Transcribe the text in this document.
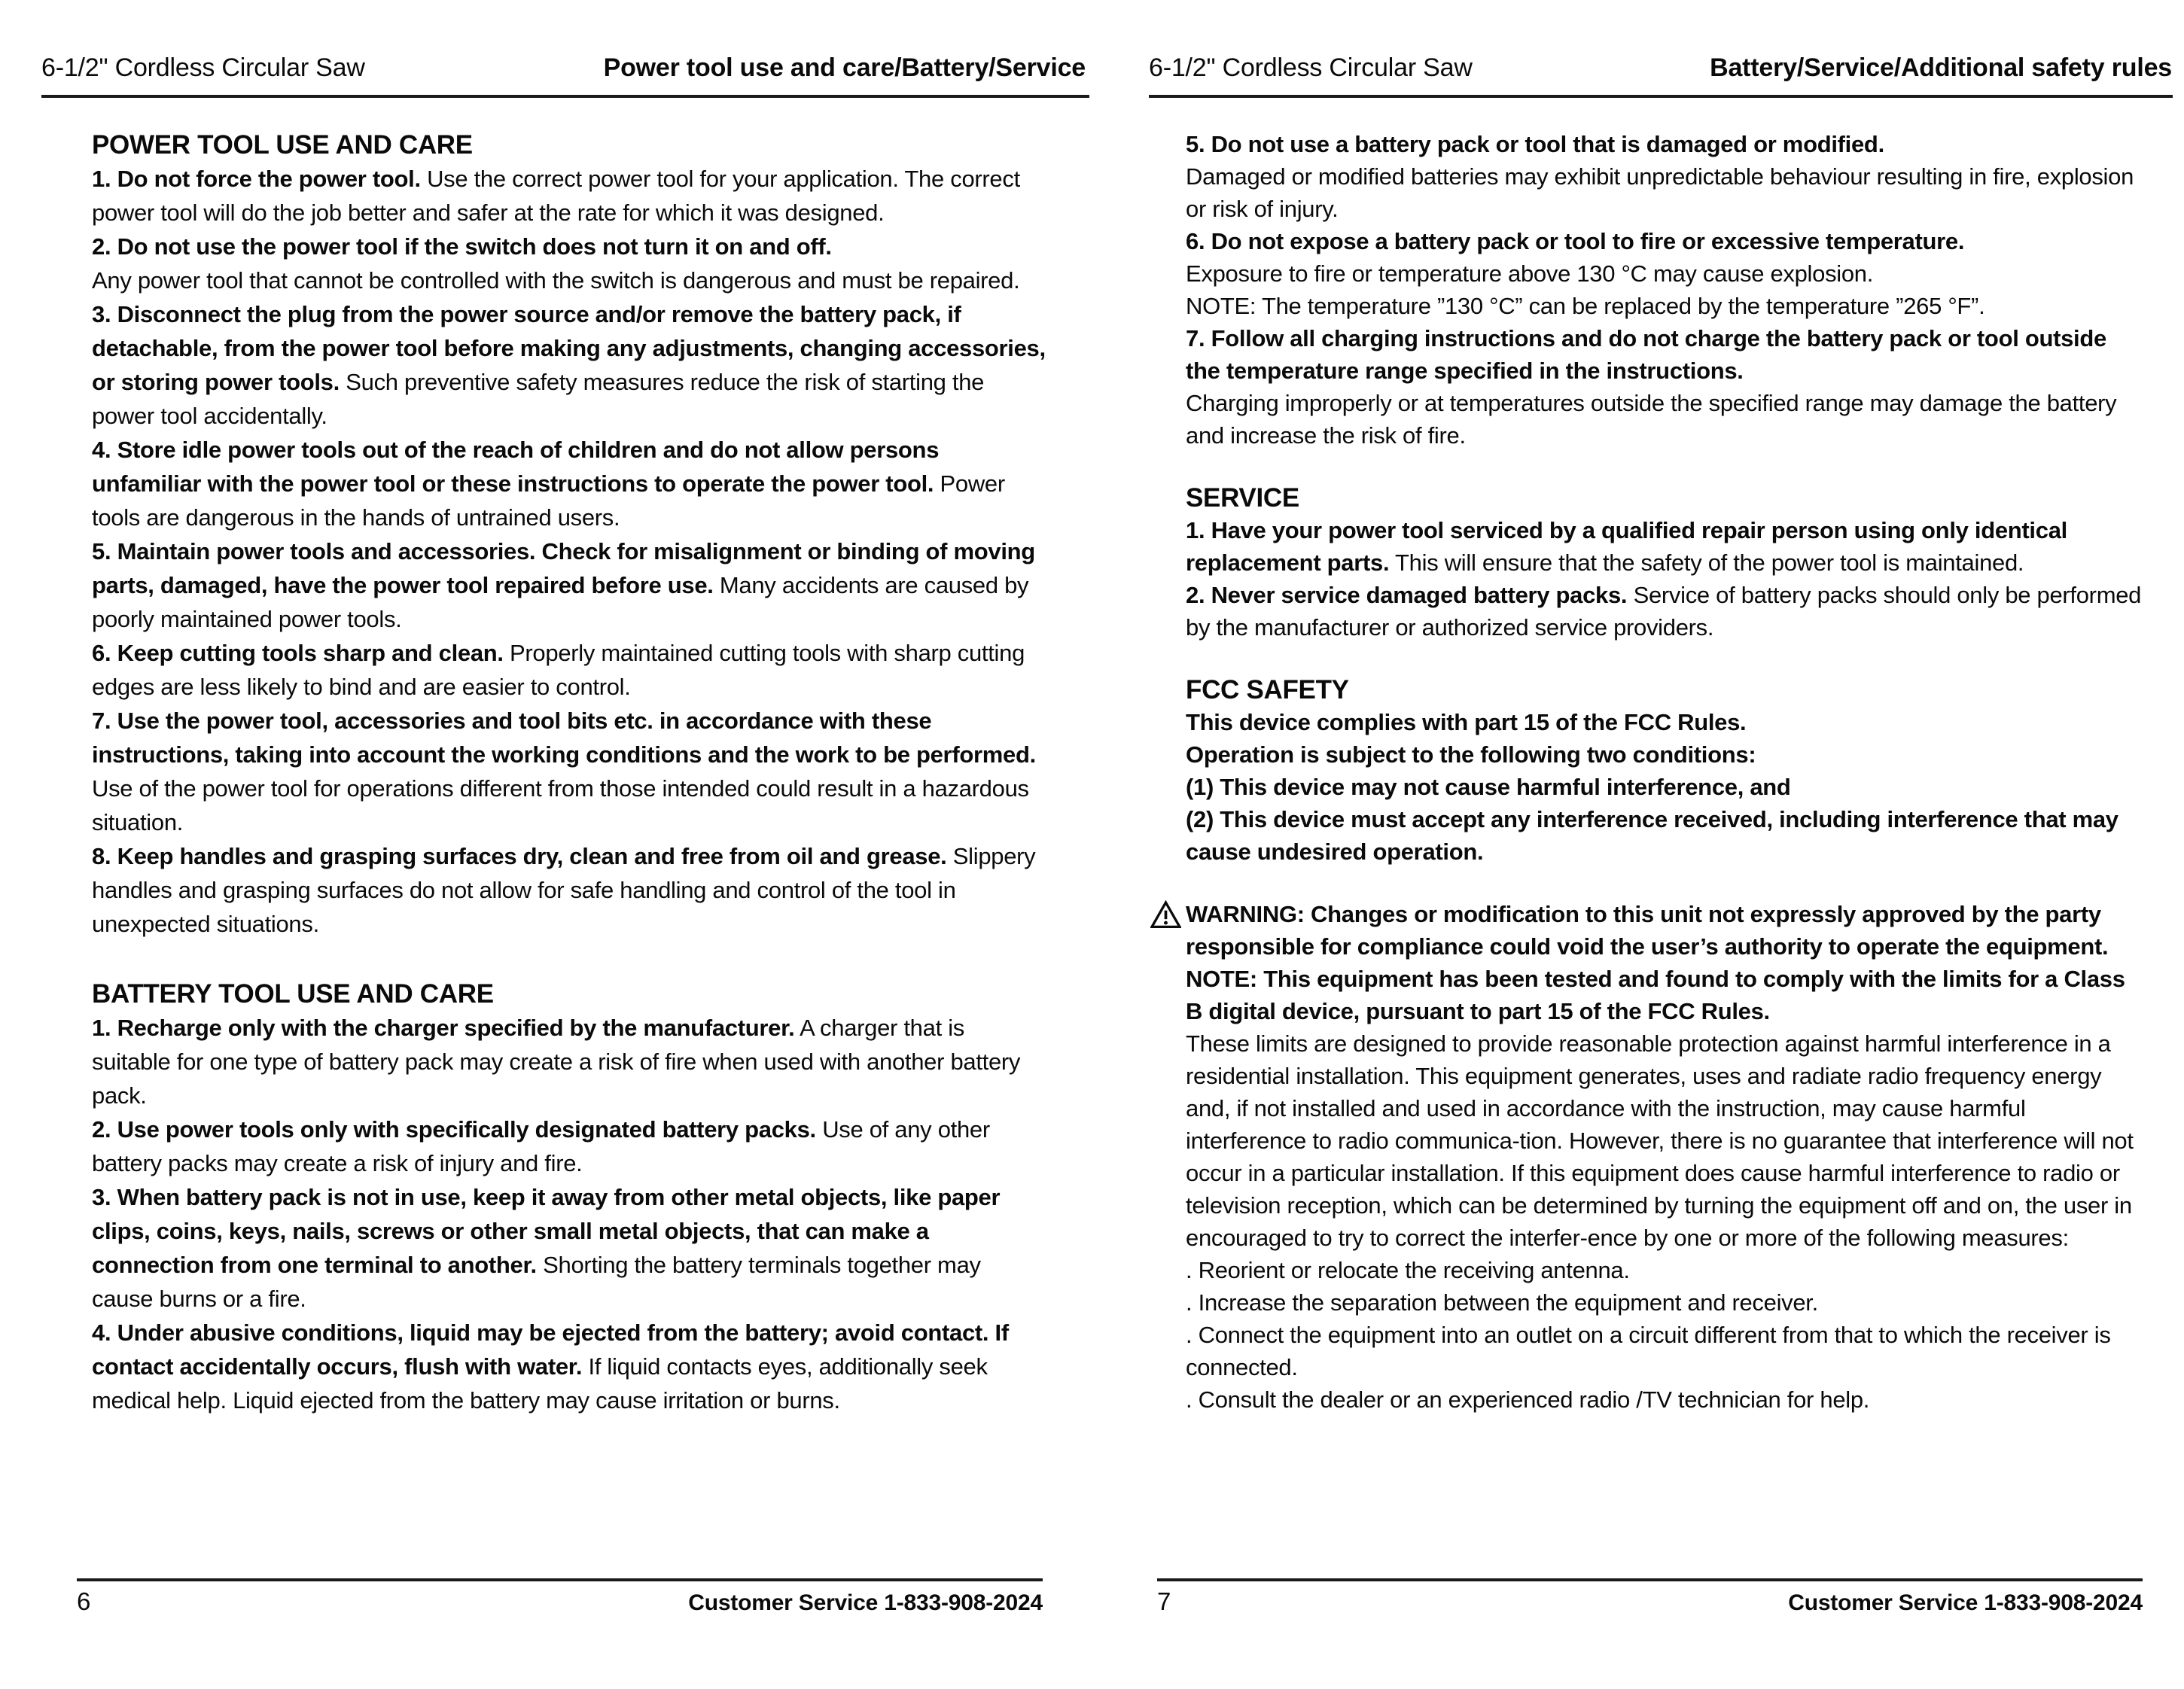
6-1/2" Cordless Circular Saw	Power tool use and care/Battery/Service
POWER TOOL USE AND CARE

1. Do not force the power tool. Use the correct power tool for your application. The correct power tool will do the job better and safer at the rate for which it was designed.

2. Do not use the power tool if the switch does not turn it on and off.

Any power tool that cannot be controlled with the switch is dangerous and must be repaired.

3. Disconnect the plug from the power source and/or remove the battery pack, if detachable, from the power tool before making any adjustments, changing accessories, or storing power tools. Such preventive safety measures reduce the risk of starting the power tool accidentally.

4. Store idle power tools out of the reach of children and do not allow persons unfamiliar with the power tool or these instructions to operate the power tool. Power tools are dangerous in the hands of untrained users.

5. Maintain power tools and accessories. Check for misalignment or binding of moving parts, damaged, have the power tool repaired before use. Many accidents are caused by poorly maintained power tools.

6. Keep cutting tools sharp and clean. Properly maintained cutting tools with sharp cutting edges are less likely to bind and are easier to control.

7. Use the power tool, accessories and tool bits etc. in accordance with these instructions, taking into account the working conditions and the work to be performed. Use of the power tool for operations different from those intended could result in a hazardous situation.

8. Keep handles and grasping surfaces dry, clean and free from oil and grease. Slippery handles and grasping surfaces do not allow for safe handling and control of the tool in unexpected situations.

BATTERY TOOL USE AND CARE

1. Recharge only with the charger specified by the manufacturer. A charger that is suitable for one type of battery pack may create a risk of fire when used with another battery pack.

2. Use power tools only with specifically designated battery packs. Use of any other battery packs may create a risk of injury and fire.

3. When battery pack is not in use, keep it away from other metal objects, like paper clips, coins, keys, nails, screws or other small metal objects, that can make a connection from one terminal to another. Shorting the battery terminals together may cause burns or a fire.

4. Under abusive conditions, liquid may be ejected from the battery; avoid contact. If contact accidentally occurs, flush with water. If liquid contacts eyes, additionally seek medical help. Liquid ejected from the battery may cause irritation or burns.

6	Customer Service 1-833-908-2024
6-1/2" Cordless Circular Saw	Battery/Service/Additional safety rules

5. Do not use a battery pack or tool that is damaged or modified.

Damaged or modified batteries may exhibit unpredictable behaviour resulting in fire, explosion or risk of injury.

6. Do not expose a battery pack or tool to fire or excessive temperature.

Exposure to fire or temperature above 130 °C may cause explosion.

NOTE: The temperature ”130 °C” can be replaced by the temperature ”265 °F”.

7. Follow all charging instructions and do not charge the battery pack or tool outside the temperature range specified in the instructions.

Charging improperly or at temperatures outside the specified range may damage the battery and increase the risk of fire.

SERVICE

1. Have your power tool serviced by a qualified repair person using only identical replacement parts. This will ensure that the safety of the power tool is maintained.

2. Never service damaged battery packs. Service of battery packs should only be performed by the manufacturer or authorized service providers.

FCC SAFETY

This device complies with part 15 of the FCC Rules.

Operation is subject to the following two conditions:

(1) This device may not cause harmful interference, and

(2) This device must accept any interference received, including interference that may cause undesired operation.

WARNING: Changes or modification to this unit not expressly approved by the party responsible for compliance could void the user’s authority to operate the equipment.

NOTE: This equipment has been tested and found to comply with the limits for a Class B digital device, pursuant to part 15 of the FCC Rules.

These limits are designed to provide reasonable protection against harmful interference in a residential installation. This equipment generates, uses and radiate radio frequency energy and, if not installed and used in accordance with the instruction, may cause harmful interference to radio communica-tion. However, there is no guarantee that interference will not occur in a particular installation. If this equipment does cause harmful interference to radio or television reception, which can be determined by turning the equipment off and on, the user in encouraged to try to correct the interfer-ence by one or more of the following measures:

. Reorient or relocate the receiving antenna.

. Increase the separation between the equipment and receiver.

. Connect the equipment into an outlet on a circuit different from that to which the receiver is connected.

. Consult the dealer or an experienced radio /TV technician for help.

7	Customer Service 1-833-908-2024
